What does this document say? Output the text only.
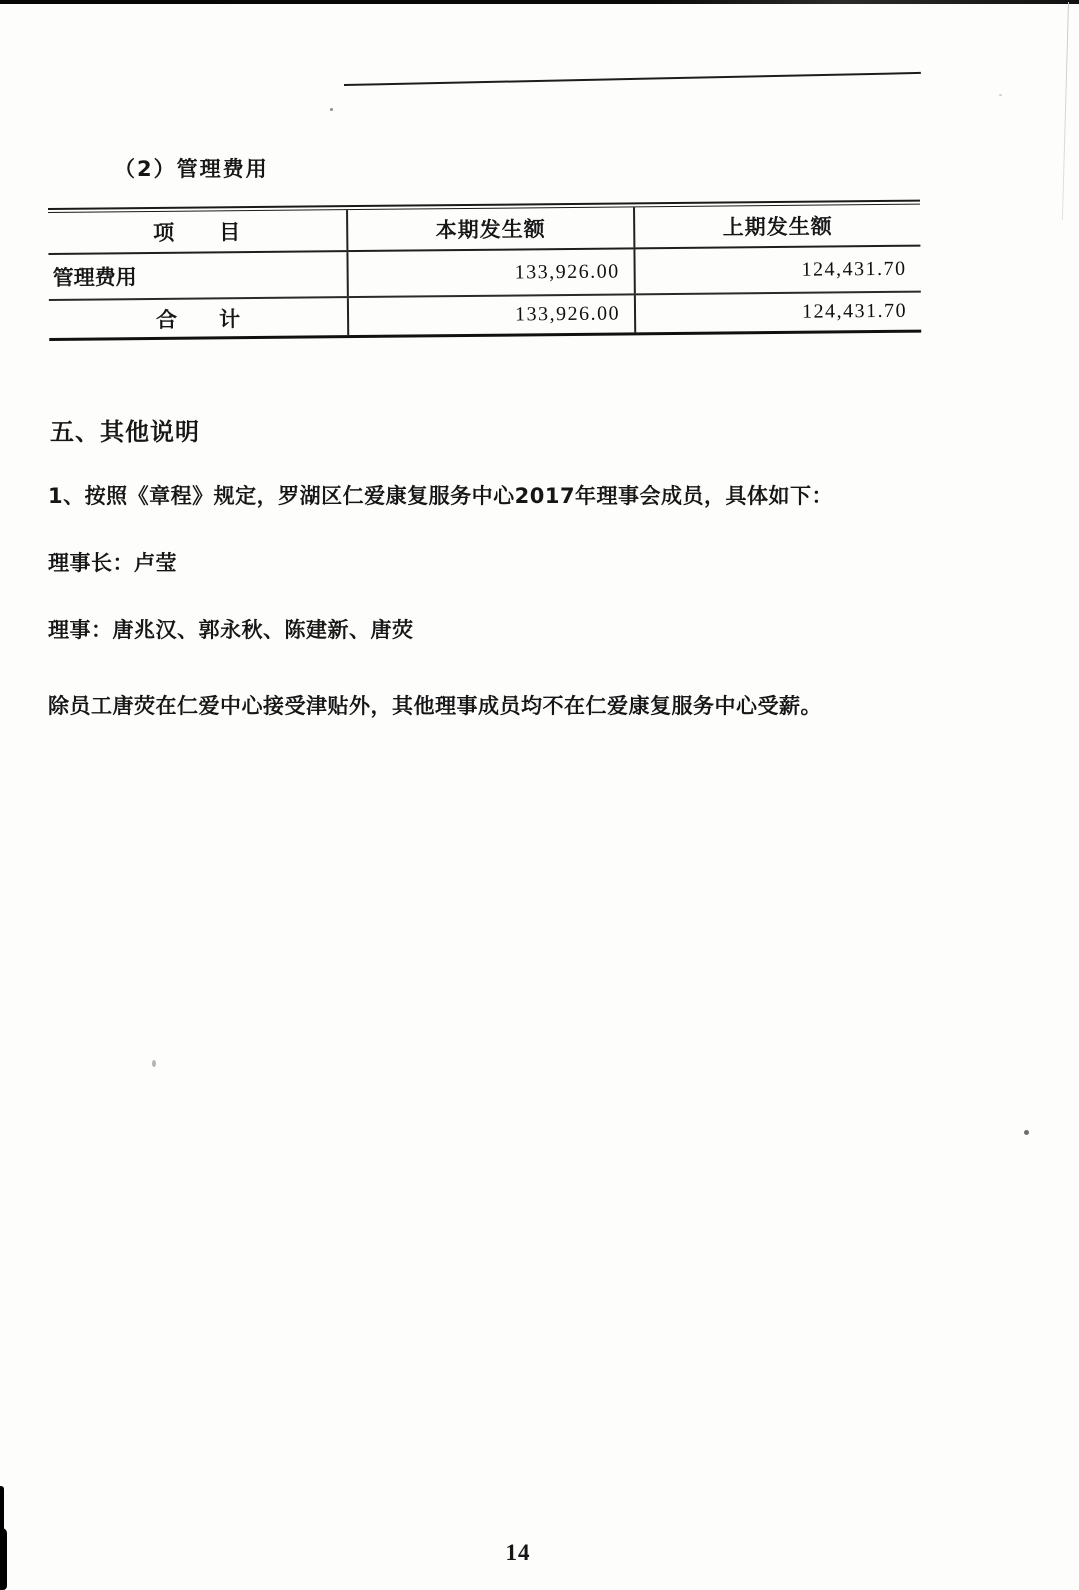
（2）管理费用
项　　目	本期发生额	上期发生额
管理费用	133,926.00	124,431.70
合　　计	133,926.00	124,431.70
五、其他说明
1、按照《章程》规定，罗湖区仁爱康复服务中心2017年理事会成员，具体如下：
理事长：卢莹
理事：唐兆汉、郭永秋、陈建新、唐荧
除员工唐荧在仁爱中心接受津贴外，其他理事成员均不在仁爱康复服务中心受薪。
14
